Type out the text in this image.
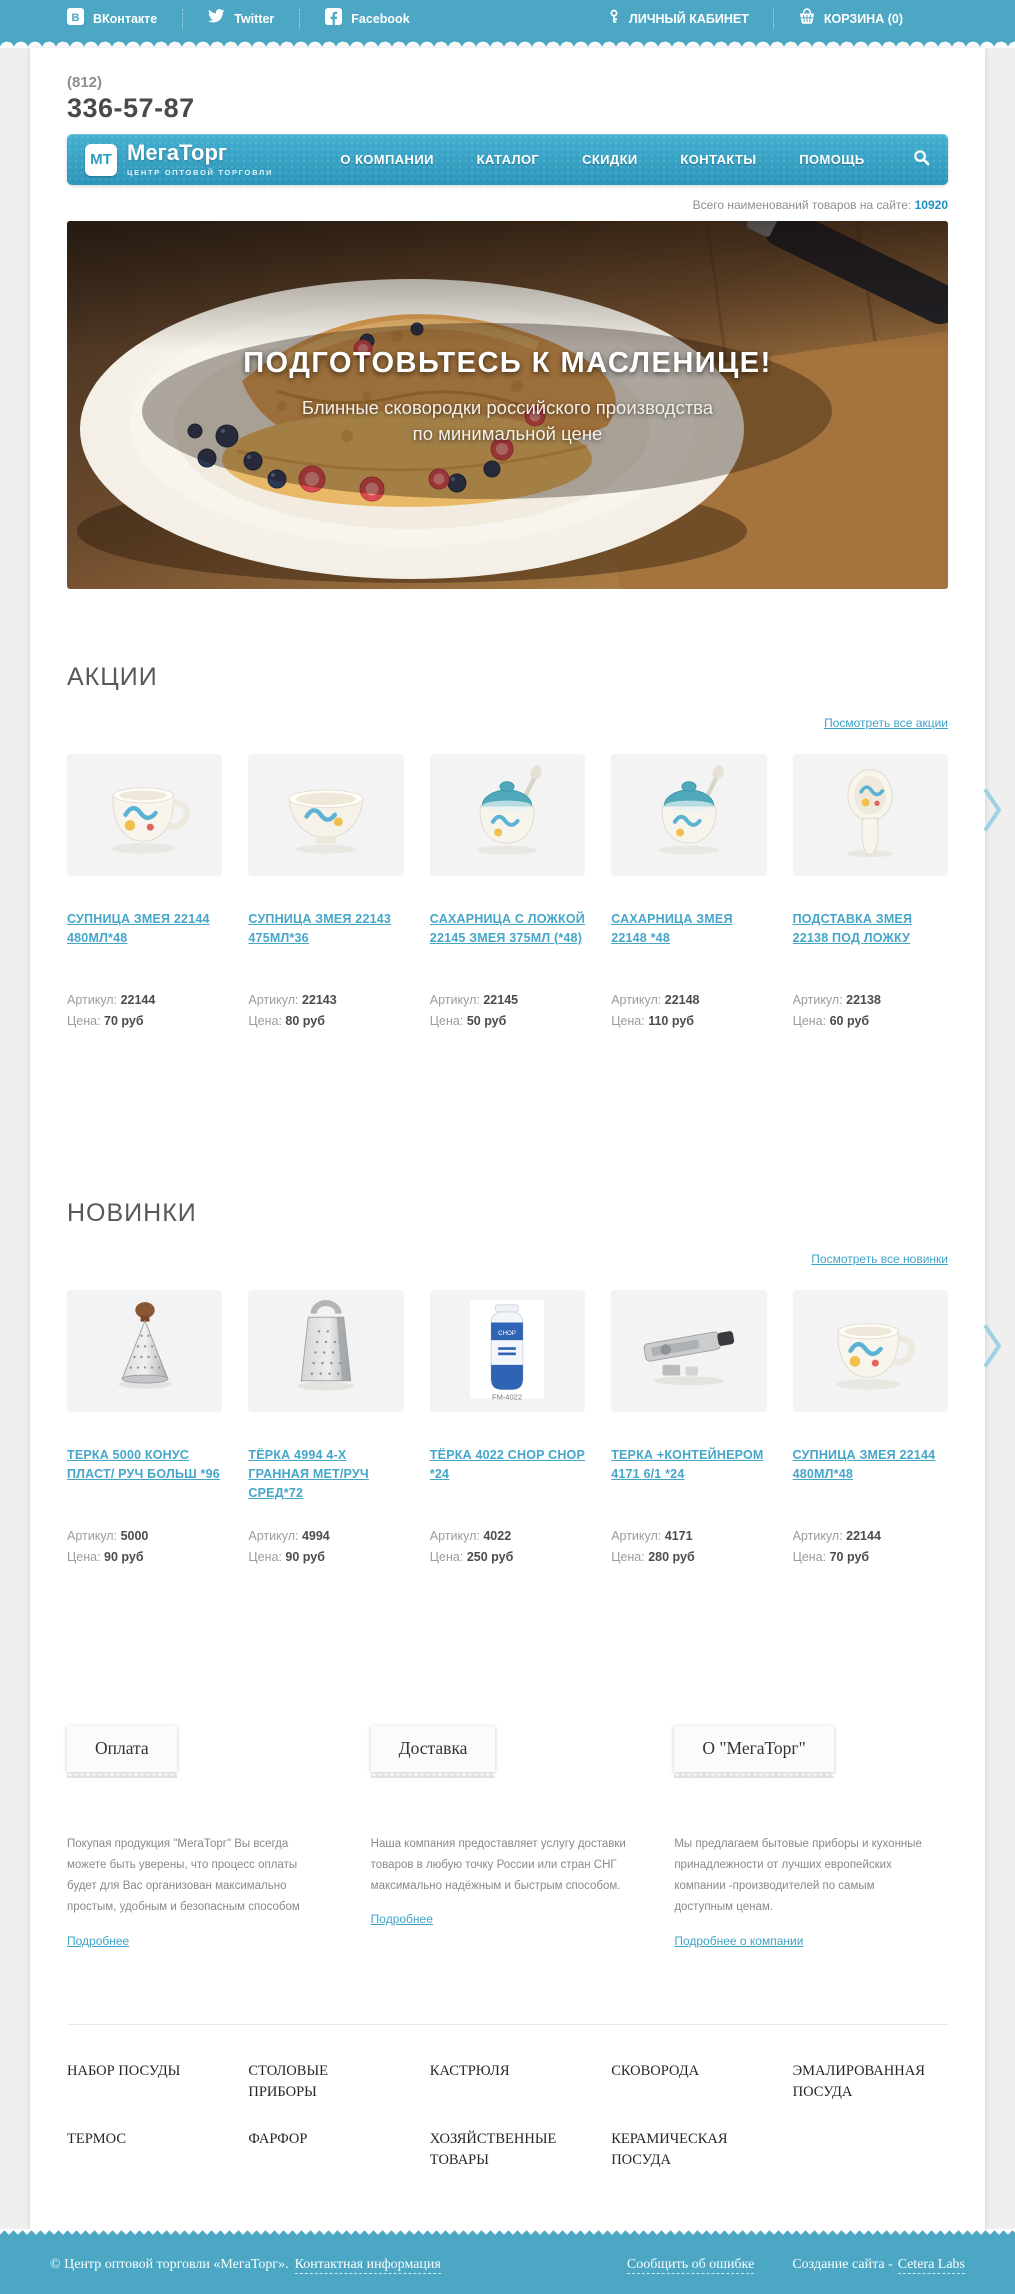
B ВКонтакте	Twitter	Facebook	ЛИЧНЫЙ КАБИНЕТ	КОРЗИНА (0)
(812)
336-57-87
МТ МегаТорг
ЦЕНТР ОПТОВОЙ ТОРГОВЛИ
О КОМПАНИИ	КАТАЛОГ	СКИДКИ	КОНТАКТЫ	ПОМОЩЬ
Всего наименований товаров на сайте: 10920
ПОДГОТОВЬТЕСЬ К МАСЛЕНИЦЕ!
Блинные сковородки российского производства
по минимальной цене
АКЦИИ
Посмотреть все акции
СУПНИЦА ЗМЕЯ 22144 480МЛ*48
Артикул: 22144
Цена: 70 руб
СУПНИЦА ЗМЕЯ 22143 475МЛ*36
Артикул: 22143
Цена: 80 руб
САХАРНИЦА С ЛОЖКОЙ 22145 ЗМЕЯ 375МЛ (*48)
Артикул: 22145
Цена: 50 руб
САХАРНИЦА ЗМЕЯ 22148 *48
Артикул: 22148
Цена: 110 руб
ПОДСТАВКА ЗМЕЯ 22138 ПОД ЛОЖКУ
Артикул: 22138
Цена: 60 руб
НОВИНКИ
Посмотреть все новинки
ТЕРКА 5000 КОНУС ПЛАСТ/ РУЧ БОЛЬШ *96
Артикул: 5000
Цена: 90 руб
ТЁРКА 4994 4-Х ГРАННАЯ МЕТ/РУЧ СРЕД*72
Артикул: 4994
Цена: 90 руб
CHOP
FM-4022
ТЁРКА 4022 CHOP CHOP *24
Артикул: 4022
Цена: 250 руб
ТЕРКА +КОНТЕЙНЕРОМ 4171 6/1 *24
Артикул: 4171
Цена: 280 руб
СУПНИЦА ЗМЕЯ 22144 480МЛ*48
Артикул: 22144
Цена: 70 руб
Оплата

Покупая продукция "МегаТорг" Вы всегда можете быть уверены, что процесс оплаты будет для Вас организован максимально простым, удобным и безопасным способом

Подробнее
Доставка

Наша компания предоставляет услугу доставки товаров в любую точку России или стран СНГ максимально надёжным и быстрым способом.

Подробнее
О "МегаТорг"

Мы предлагаем бытовые приборы и кухонные принадлежности от лучших европейских компании -производителей по самым доступным ценам.

Подробнее о компании
НАБОР ПОСУДЫ	СТОЛОВЫЕ ПРИБОРЫ
КАСТРЮЛЯ	СКОВОРОДА	ЭМАЛИРОВАННАЯ ПОСУДА
ТЕРМОС	ФАРФОР	ХОЗЯЙСТВЕННЫЕ ТОВАРЫ
КЕРАМИЧЕСКАЯ ПОСУДА
© Центр оптовой торговли «МегаТорг». Контактная информация	Сообщить об ошибке	Создание сайта - Cetera Labs
